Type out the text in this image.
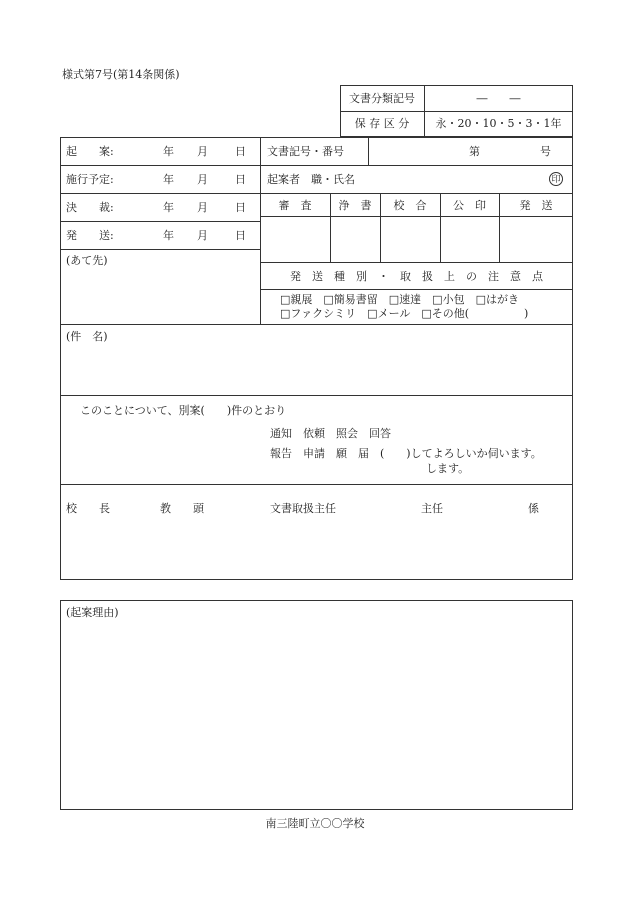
様式第7号(第14条関係)
文書分類記号	―　　―
保 存 区 分	永・20・10・5・3・1年
起　　案:	年 月 日
施行予定:	年 月 日
決　　裁:	年 月 日
発　　送:	年 月 日
文書記号・番号	第	号
起案者　職・氏名	印
審　査	浄　書	校　合	公　印	発　送
(あて先)
発　送　種　別　・　取　扱　上　の　注　意　点
□親展　□簡易書留　□速達　□小包　□はがき
□ファクシミリ　□メール　□その他(　　　　　)
(件　名)
このことについて、別案(　　)件のとおり
通知　依頼　照会　回答
報告　申請　願　届　(　　)してよろしいか伺います。
します。
校　　長	教　　頭	文書取扱主任	主任	係
(起案理由)
南三陸町立〇〇学校
